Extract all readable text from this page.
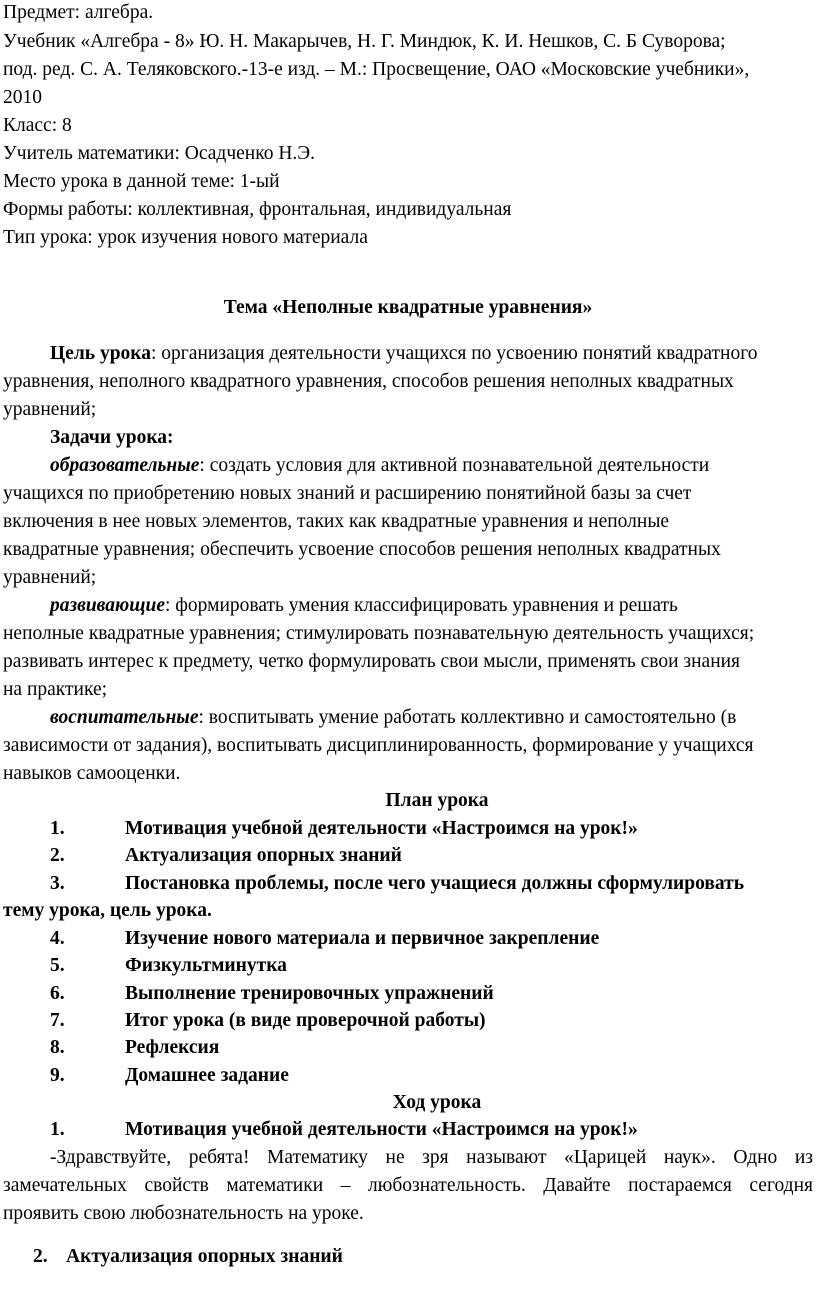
Предмет: алгебра.
Учебник «Алгебра - 8» Ю. Н. Макарычев, Н. Г. Миндюк, К. И. Нешков, С. Б Суворова;
под. ред. С. А. Теляковского.-13-е изд. – М.: Просвещение, ОАО «Московские учебники»,
2010
Класс: 8
Учитель математики: Осадченко Н.Э.
Место урока в данной теме: 1-ый
Формы работы: коллективная, фронтальная, индивидуальная
Тип урока: урок изучения нового материала
Тема «Неполные квадратные уравнения»
Цель урока: организация деятельности учащихся по усвоению понятий квадратного
уравнения, неполного квадратного уравнения, способов решения неполных квадратных
уравнений;
Задачи урока:
образовательные: создать условия для активной познавательной деятельности
учащихся по приобретению новых знаний и расширению понятийной базы за счет
включения в нее новых элементов, таких как квадратные уравнения и неполные
квадратные уравнения; обеспечить усвоение способов решения неполных квадратных
уравнений;
развивающие: формировать умения классифицировать уравнения и решать
неполные квадратные уравнения; стимулировать познавательную деятельность учащихся;
развивать интерес к предмету, четко формулировать свои мысли, применять свои знания
на практике;
воспитательные: воспитывать умение работать коллективно и самостоятельно (в
зависимости от задания), воспитывать дисциплинированность, формирование у учащихся
навыков самооценки.
План урока
1.	Мотивация учебной деятельности «Настроимся на урок!»
2.	Актуализация опорных знаний
3.	Постановка проблемы, после чего учащиеся должны сформулировать
тему урока, цель урока.
4.	Изучение нового материала и первичное закрепление
5.	Физкультминутка
6.	Выполнение тренировочных упражнений
7.	Итог урока (в виде проверочной работы)
8.	Рефлексия
9.	Домашнее задание
Ход урока
1.	Мотивация учебной деятельности «Настроимся на урок!»
-Здравствуйте, ребята! Математику не зря называют «Царицей наук». Одно из
замечательных свойств математики – любознательность. Давайте постараемся сегодня
проявить свою любознательность на уроке.
2. Актуализация опорных знаний
